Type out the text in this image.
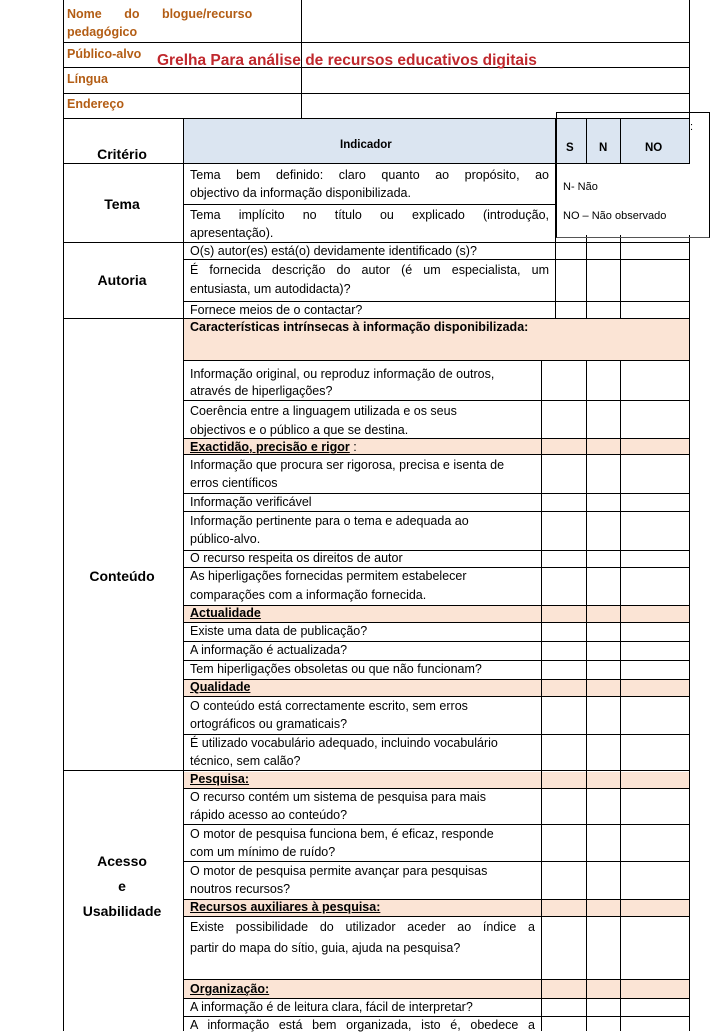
Nome do blogue/recurso pedagógico
Público-alvo
Língua
Endereço
Grelha Para análise de recursos educativos digitais
Critério
Indicador	S N	NO
:
N- Não
NO – Não observado
Tema
Autoria
Conteúdo
Acesso
e
Usabilidade
Tema bem definido: claro quanto ao propósito, ao
objectivo da informação disponibilizada.
Tema implícito no título ou explicado (introdução,
apresentação).
O(s) autor(es) está(o) devidamente identificado (s)?
É fornecida descrição do autor (é um especialista, um
entusiasta, um autodidacta)?
Fornece meios de o contactar?
Características intrínsecas à informação disponibilizada:
Informação original, ou reproduz informação de outros,
através de hiperligações?
Coerência entre a linguagem utilizada e os seus
objectivos e o público a que se destina.
Exactidão, precisão e rigor :
Informação que procura ser rigorosa, precisa e isenta de
erros científicos
Informação verificável
Informação pertinente para o tema e adequada ao
público-alvo.
O recurso respeita os direitos de autor
As hiperligações fornecidas permitem estabelecer
comparações com a informação fornecida.
Actualidade
Existe uma data de publicação?
A informação é actualizada?
Tem hiperligações obsoletas ou que não funcionam?
Qualidade
O conteúdo está correctamente escrito, sem erros
ortográficos ou gramaticais?
É utilizado vocabulário adequado, incluindo vocabulário
técnico, sem calão?
Pesquisa:
O recurso contém um sistema de pesquisa para mais
rápido acesso ao conteúdo?
O motor de pesquisa funciona bem, é eficaz, responde
com um mínimo de ruído?
O motor de pesquisa permite avançar para pesquisas
noutros recursos?
Recursos auxiliares à pesquisa:
Existe possibilidade do utilizador aceder ao índice a
partir do mapa do sítio, guia, ajuda na pesquisa?
Organização:
A informação é de leitura clara, fácil de interpretar?
A informação está bem organizada, isto é, obedece a
